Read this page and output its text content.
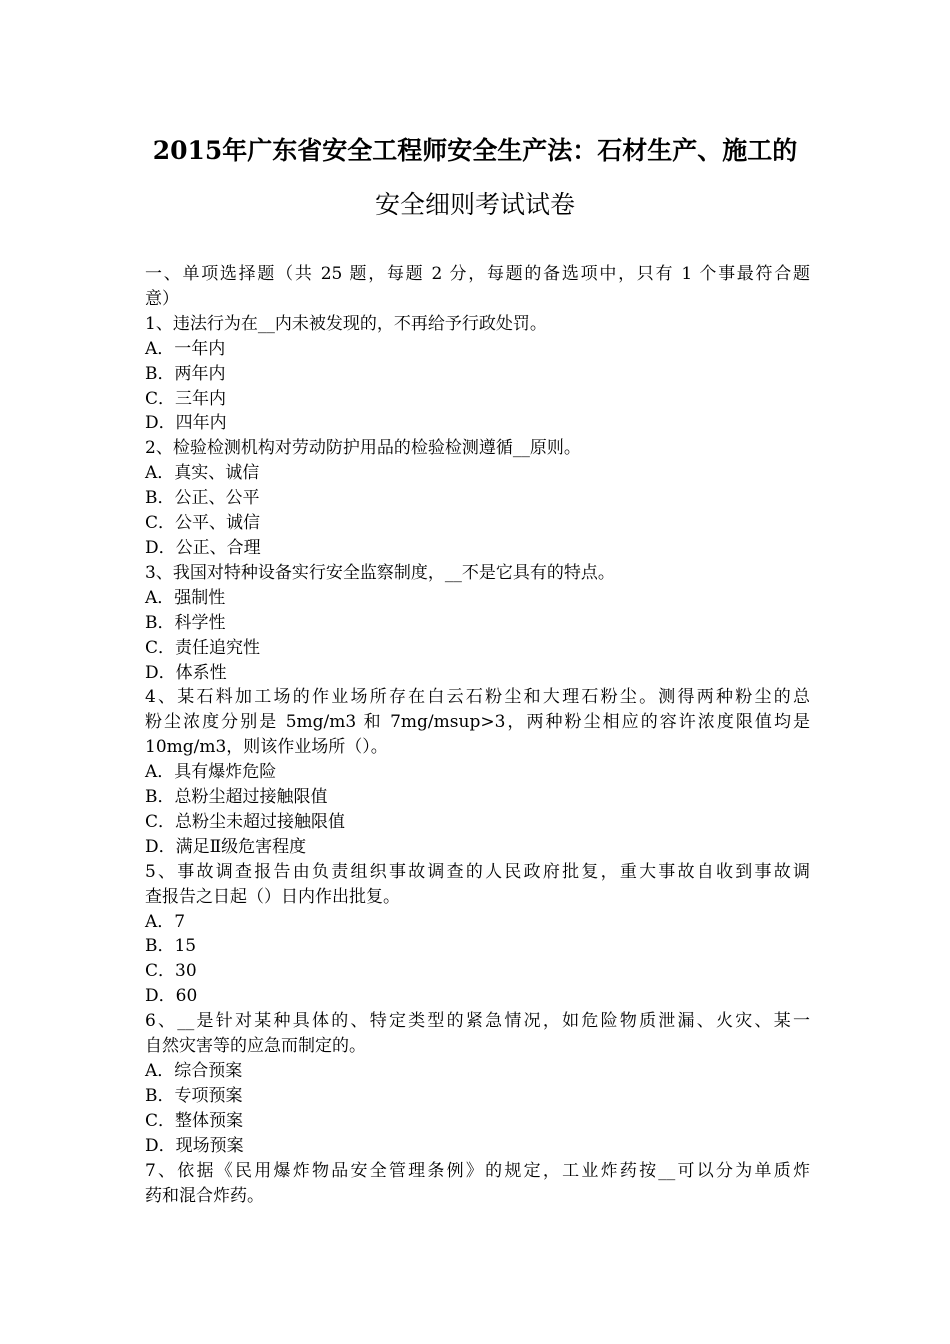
2015年广东省安全工程师安全生产法：石材生产、施工的
安全细则考试试卷
一、单项选择题（共 25 题，每题 2 分，每题的备选项中，只有 1 个事最符合题
意）
1、违法行为在__内未被发现的，不再给予行政处罚。
A．一年内
B．两年内
C．三年内
D．四年内
2、检验检测机构对劳动防护用品的检验检测遵循__原则。
A．真实、诚信
B．公正、公平
C．公平、诚信
D．公正、合理
3、我国对特种设备实行安全监察制度，__不是它具有的特点。
A．强制性
B．科学性
C．责任追究性
D．体系性
4、某石料加工场的作业场所存在白云石粉尘和大理石粉尘。测得两种粉尘的总
粉尘浓度分别是 5mg/m3 和 7mg/msup>3，两种粉尘相应的容许浓度限值均是
10mg/m3，则该作业场所（）。
A．具有爆炸危险
B．总粉尘超过接触限值
C．总粉尘未超过接触限值
D．满足Ⅱ级危害程度
5、事故调查报告由负责组织事故调查的人民政府批复，重大事故自收到事故调
查报告之日起（）日内作出批复。
A．7
B．15
C．30
D．60
6、__是针对某种具体的、特定类型的紧急情况，如危险物质泄漏、火灾、某一
自然灾害等的应急而制定的。
A．综合预案
B．专项预案
C．整体预案
D．现场预案
7、依据《民用爆炸物品安全管理条例》的规定，工业炸药按__可以分为单质炸
药和混合炸药。
